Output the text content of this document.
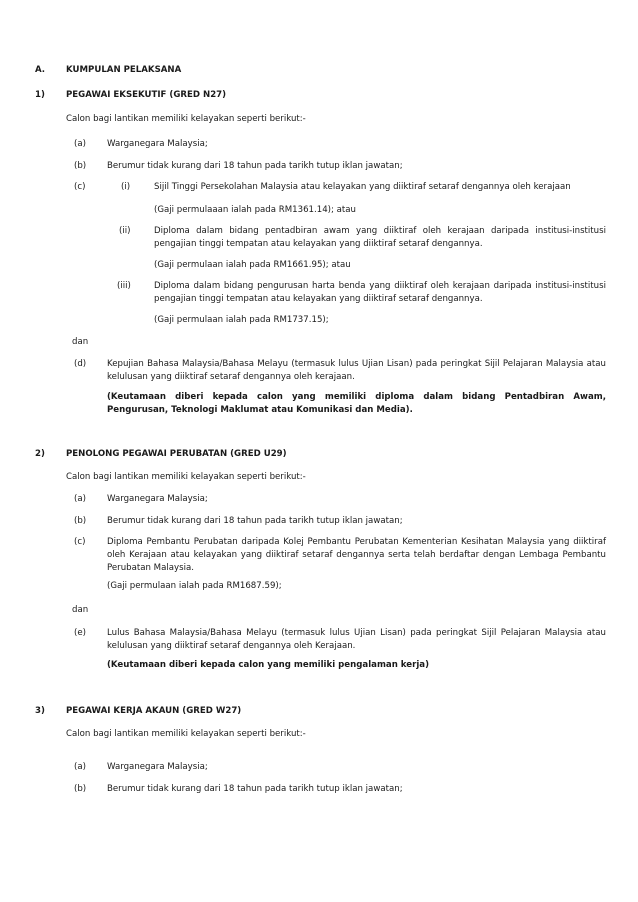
A. KUMPULAN PELAKSANA
1) PEGAWAI EKSEKUTIF (GRED N27)
Calon bagi lantikan memiliki kelayakan seperti berikut:-
(a) Warganegara Malaysia;
(b) Berumur tidak kurang dari 18 tahun pada tarikh tutup iklan jawatan;
(c)	(i)	Sijil Tinggi Persekolahan Malaysia atau kelayakan yang diiktiraf setaraf dengannya oleh kerajaan
(Gaji permulaaan ialah pada RM1361.14); atau
(ii)	Diploma dalam bidang pentadbiran awam yang diiktiraf oleh kerajaan daripada institusi-institusi pengajian tinggi tempatan atau kelayakan yang diiktiraf setaraf dengannya.
(Gaji permulaan ialah pada RM1661.95); atau
(iii)	Diploma dalam bidang pengurusan harta benda yang diiktiraf oleh kerajaan daripada institusi-institusi pengajian tinggi tempatan atau kelayakan yang diiktiraf setaraf dengannya.
(Gaji permulaan ialah pada RM1737.15);
dan
(d) Kepujian Bahasa Malaysia/Bahasa Melayu (termasuk lulus Ujian Lisan) pada peringkat Sijil Pelajaran Malaysia atau kelulusan yang diiktiraf setaraf dengannya oleh kerajaan.
(Keutamaan diberi kepada calon yang memiliki diploma dalam bidang Pentadbiran Awam, Pengurusan, Teknologi Maklumat atau Komunikasi dan Media).
2) PENOLONG PEGAWAI PERUBATAN (GRED U29)
Calon bagi lantikan memiliki kelayakan seperti berikut:-
(a) Warganegara Malaysia;
(b) Berumur tidak kurang dari 18 tahun pada tarikh tutup iklan jawatan;
(c)	Diploma Pembantu Perubatan daripada Kolej Pembantu Perubatan Kementerian Kesihatan Malaysia yang diiktiraf oleh Kerajaan atau kelayakan yang diiktiraf setaraf dengannya serta telah berdaftar dengan Lembaga Pembantu Perubatan Malaysia.
(Gaji permulaan ialah pada RM1687.59);
dan
(e) Lulus Bahasa Malaysia/Bahasa Melayu (termasuk lulus Ujian Lisan) pada peringkat Sijil Pelajaran Malaysia atau kelulusan yang diiktiraf setaraf dengannya oleh Kerajaan.
(Keutamaan diberi kepada calon yang memiliki pengalaman kerja)
3) PEGAWAI KERJA AKAUN (GRED W27)
Calon bagi lantikan memiliki kelayakan seperti berikut:-
(a) Warganegara Malaysia;
(b) Berumur tidak kurang dari 18 tahun pada tarikh tutup iklan jawatan;
